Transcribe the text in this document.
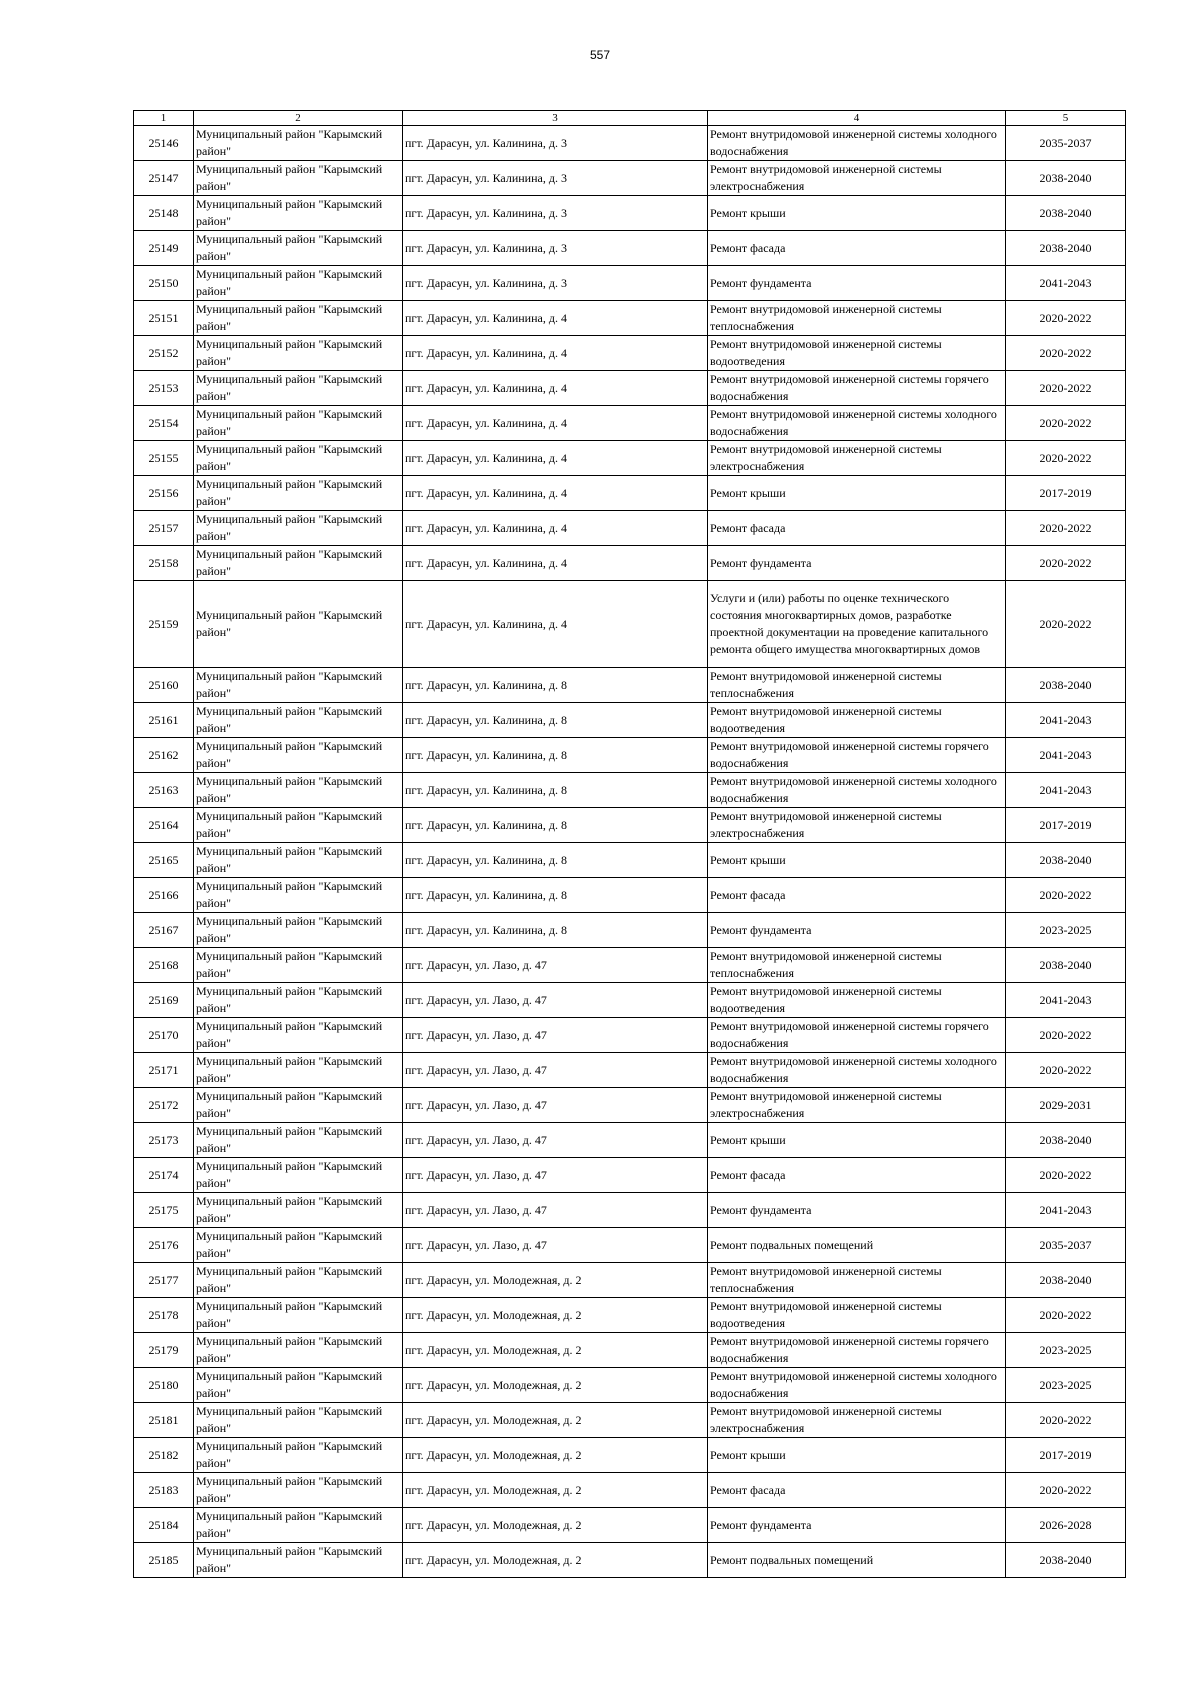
557
1	2	3	4	5
25146	Муниципальный район "Карымский район"	пгт. Дарасун, ул. Калинина, д. 3	Ремонт внутридомовой инженерной системы холодного водоснабжения	2035-2037
25147	Муниципальный район "Карымский район"	пгт. Дарасун, ул. Калинина, д. 3	Ремонт внутридомовой инженерной системы электроснабжения	2038-2040
25148	Муниципальный район "Карымский район"	пгт. Дарасун, ул. Калинина, д. 3	Ремонт крыши	2038-2040
25149	Муниципальный район "Карымский район"	пгт. Дарасун, ул. Калинина, д. 3	Ремонт фасада	2038-2040
25150	Муниципальный район "Карымский район"	пгт. Дарасун, ул. Калинина, д. 3	Ремонт фундамента	2041-2043
25151	Муниципальный район "Карымский район"	пгт. Дарасун, ул. Калинина, д. 4	Ремонт внутридомовой инженерной системы теплоснабжения	2020-2022
25152	Муниципальный район "Карымский район"	пгт. Дарасун, ул. Калинина, д. 4	Ремонт внутридомовой инженерной системы водоотведения	2020-2022
25153	Муниципальный район "Карымский район"	пгт. Дарасун, ул. Калинина, д. 4	Ремонт внутридомовой инженерной системы горячего водоснабжения	2020-2022
25154	Муниципальный район "Карымский район"	пгт. Дарасун, ул. Калинина, д. 4	Ремонт внутридомовой инженерной системы холодного водоснабжения	2020-2022
25155	Муниципальный район "Карымский район"	пгт. Дарасун, ул. Калинина, д. 4	Ремонт внутридомовой инженерной системы электроснабжения	2020-2022
25156	Муниципальный район "Карымский район"	пгт. Дарасун, ул. Калинина, д. 4	Ремонт крыши	2017-2019
25157	Муниципальный район "Карымский район"	пгт. Дарасун, ул. Калинина, д. 4	Ремонт фасада	2020-2022
25158	Муниципальный район "Карымский район"	пгт. Дарасун, ул. Калинина, д. 4	Ремонт фундамента	2020-2022
25159	Муниципальный район "Карымский район"	пгт. Дарасун, ул. Калинина, д. 4	Услуги и (или) работы по оценке технического состояния многоквартирных домов, разработке проектной документации на проведение капитального ремонта общего имущества многоквартирных домов	2020-2022
25160	Муниципальный район "Карымский район"	пгт. Дарасун, ул. Калинина, д. 8	Ремонт внутридомовой инженерной системы теплоснабжения	2038-2040
25161	Муниципальный район "Карымский район"	пгт. Дарасун, ул. Калинина, д. 8	Ремонт внутридомовой инженерной системы водоотведения	2041-2043
25162	Муниципальный район "Карымский район"	пгт. Дарасун, ул. Калинина, д. 8	Ремонт внутридомовой инженерной системы горячего водоснабжения	2041-2043
25163	Муниципальный район "Карымский район"	пгт. Дарасун, ул. Калинина, д. 8	Ремонт внутридомовой инженерной системы холодного водоснабжения	2041-2043
25164	Муниципальный район "Карымский район"	пгт. Дарасун, ул. Калинина, д. 8	Ремонт внутридомовой инженерной системы электроснабжения	2017-2019
25165	Муниципальный район "Карымский район"	пгт. Дарасун, ул. Калинина, д. 8	Ремонт крыши	2038-2040
25166	Муниципальный район "Карымский район"	пгт. Дарасун, ул. Калинина, д. 8	Ремонт фасада	2020-2022
25167	Муниципальный район "Карымский район"	пгт. Дарасун, ул. Калинина, д. 8	Ремонт фундамента	2023-2025
25168	Муниципальный район "Карымский район"	пгт. Дарасун, ул. Лазо, д. 47	Ремонт внутридомовой инженерной системы теплоснабжения	2038-2040
25169	Муниципальный район "Карымский район"	пгт. Дарасун, ул. Лазо, д. 47	Ремонт внутридомовой инженерной системы водоотведения	2041-2043
25170	Муниципальный район "Карымский район"	пгт. Дарасун, ул. Лазо, д. 47	Ремонт внутридомовой инженерной системы горячего водоснабжения	2020-2022
25171	Муниципальный район "Карымский район"	пгт. Дарасун, ул. Лазо, д. 47	Ремонт внутридомовой инженерной системы холодного водоснабжения	2020-2022
25172	Муниципальный район "Карымский район"	пгт. Дарасун, ул. Лазо, д. 47	Ремонт внутридомовой инженерной системы электроснабжения	2029-2031
25173	Муниципальный район "Карымский район"	пгт. Дарасун, ул. Лазо, д. 47	Ремонт крыши	2038-2040
25174	Муниципальный район "Карымский район"	пгт. Дарасун, ул. Лазо, д. 47	Ремонт фасада	2020-2022
25175	Муниципальный район "Карымский район"	пгт. Дарасун, ул. Лазо, д. 47	Ремонт фундамента	2041-2043
25176	Муниципальный район "Карымский район"	пгт. Дарасун, ул. Лазо, д. 47	Ремонт подвальных помещений	2035-2037
25177	Муниципальный район "Карымский район"	пгт. Дарасун, ул. Молодежная, д. 2	Ремонт внутридомовой инженерной системы теплоснабжения	2038-2040
25178	Муниципальный район "Карымский район"	пгт. Дарасун, ул. Молодежная, д. 2	Ремонт внутридомовой инженерной системы водоотведения	2020-2022
25179	Муниципальный район "Карымский район"	пгт. Дарасун, ул. Молодежная, д. 2	Ремонт внутридомовой инженерной системы горячего водоснабжения	2023-2025
25180	Муниципальный район "Карымский район"	пгт. Дарасун, ул. Молодежная, д. 2	Ремонт внутридомовой инженерной системы холодного водоснабжения	2023-2025
25181	Муниципальный район "Карымский район"	пгт. Дарасун, ул. Молодежная, д. 2	Ремонт внутридомовой инженерной системы электроснабжения	2020-2022
25182	Муниципальный район "Карымский район"	пгт. Дарасун, ул. Молодежная, д. 2	Ремонт крыши	2017-2019
25183	Муниципальный район "Карымский район"	пгт. Дарасун, ул. Молодежная, д. 2	Ремонт фасада	2020-2022
25184	Муниципальный район "Карымский район"	пгт. Дарасун, ул. Молодежная, д. 2	Ремонт фундамента	2026-2028
25185	Муниципальный район "Карымский район"	пгт. Дарасун, ул. Молодежная, д. 2	Ремонт подвальных помещений	2038-2040
